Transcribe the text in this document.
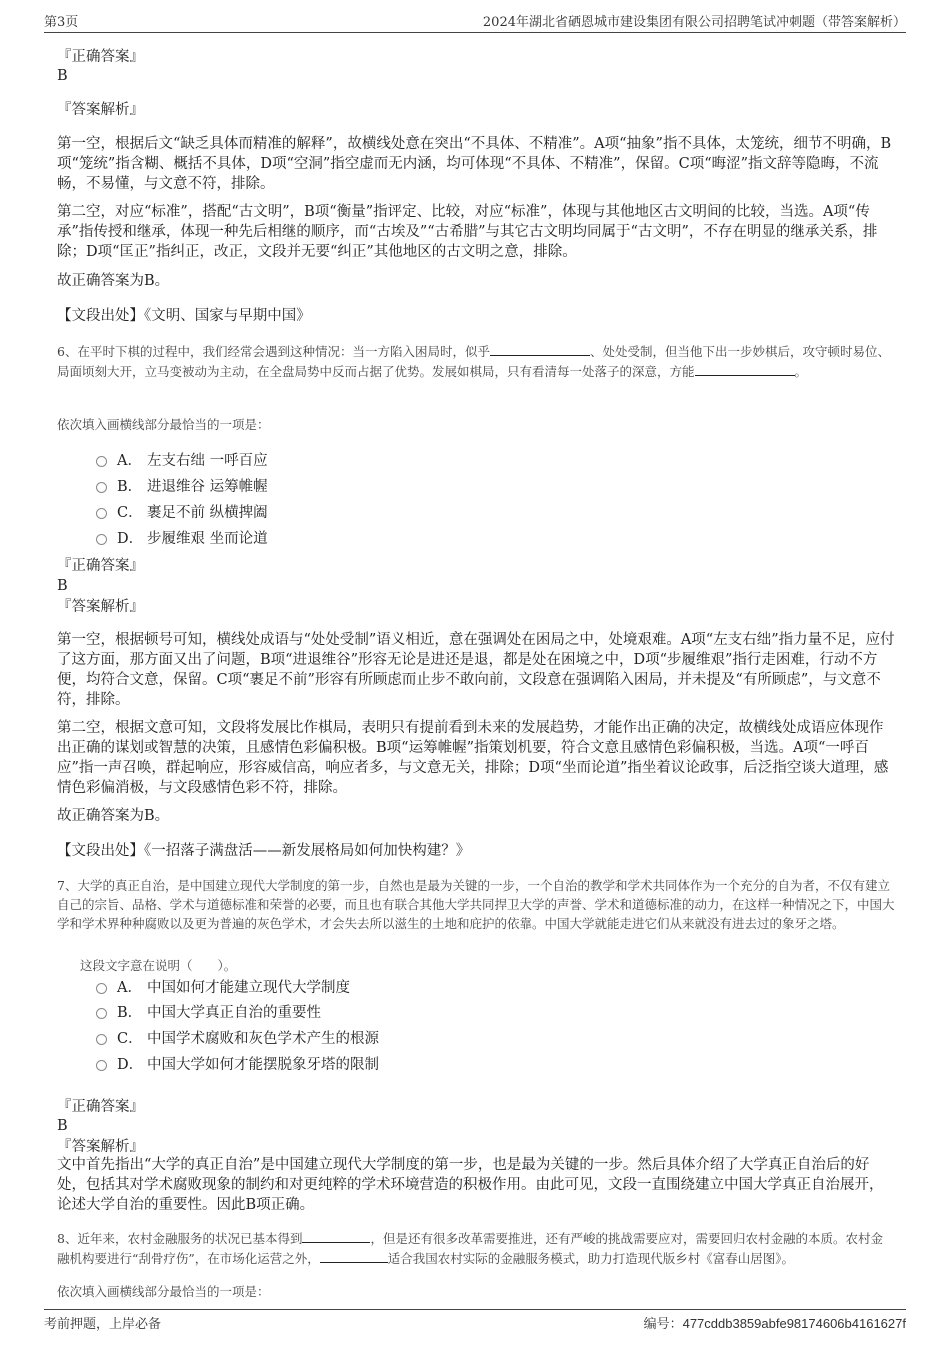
第3页	2024年湖北省硒恩城市建设集团有限公司招聘笔试冲刺题（带答案解析）
『正确答案』
B
『答案解析』
第一空，根据后文“缺乏具体而精准的解释”，故横线处意在突出“不具体、不精准”。A项“抽象”指不具体，太笼统，细节不明确，B项“笼统”指含糊、概括不具体，D项“空洞”指空虚而无内涵，均可体现“不具体、不精准”，保留。C项“晦涩”指文辞等隐晦，不流畅，不易懂，与文意不符，排除。
第二空，对应“标准”，搭配“古文明”，B项“衡量”指评定、比较，对应“标准”，体现与其他地区古文明间的比较，当选。A项“传承”指传授和继承，体现一种先后相继的顺序，而“古埃及”“古希腊”与其它古文明均同属于“古文明”，不存在明显的继承关系，排除；D项“匡正”指纠正，改正，文段并无要“纠正”其他地区的古文明之意，排除。
故正确答案为B。
【文段出处】《文明、国家与早期中国》
6、在平时下棋的过程中，我们经常会遇到这种情况：当一方陷入困局时，似乎	、处处受制，但当他下出一步妙棋后，攻守顿时易位、局面顷刻大开，立马变被动为主动，在全盘局势中反而占据了优势。发展如棋局，只有看清每一处落子的深意，方能	。
依次填入画横线部分最恰当的一项是：
A． 左支右绌 一呼百应
B． 进退维谷 运筹帷幄
C． 裹足不前 纵横捭阖
D． 步履维艰 坐而论道
『正确答案』
B
『答案解析』
第一空，根据顿号可知，横线处成语与“处处受制”语义相近，意在强调处在困局之中，处境艰难。A项“左支右绌”指力量不足，应付了这方面，那方面又出了问题，B项“进退维谷”形容无论是进还是退，都是处在困境之中，D项“步履维艰”指行走困难，行动不方便，均符合文意，保留。C项“裹足不前”形容有所顾虑而止步不敢向前，文段意在强调陷入困局，并未提及“有所顾虑”，与文意不符，排除。
第二空，根据文意可知，文段将发展比作棋局，表明只有提前看到未来的发展趋势，才能作出正确的决定，故横线处成语应体现作出正确的谋划或智慧的决策，且感情色彩偏积极。B项“运筹帷幄”指策划机要，符合文意且感情色彩偏积极，当选。A项“一呼百应”指一声召唤，群起响应，形容威信高，响应者多，与文意无关，排除；D项“坐而论道”指坐着议论政事，后泛指空谈大道理，感情色彩偏消极，与文段感情色彩不符，排除。
故正确答案为B。
【文段出处】《一招落子满盘活——新发展格局如何加快构建？》
7、大学的真正自治，是中国建立现代大学制度的第一步，自然也是最为关键的一步，一个自治的教学和学术共同体作为一个充分的自为者，不仅有建立自己的宗旨、品格、学术与道德标准和荣誉的必要，而且也有联合其他大学共同捍卫大学的声誉、学术和道德标准的动力，在这样一种情况之下，中国大学和学术界种种腐败以及更为普遍的灰色学术，才会失去所以滋生的土地和庇护的依靠。中国大学就能走进它们从来就没有进去过的象牙之塔。
这段文字意在说明（　　）。
A． 中国如何才能建立现代大学制度
B． 中国大学真正自治的重要性
C． 中国学术腐败和灰色学术产生的根源
D． 中国大学如何才能摆脱象牙塔的限制
『正确答案』
B
『答案解析』
文中首先指出“大学的真正自治”是中国建立现代大学制度的第一步，也是最为关键的一步。然后具体介绍了大学真正自治后的好处，包括其对学术腐败现象的制约和对更纯粹的学术环境营造的积极作用。由此可见，文段一直围绕建立中国大学真正自治展开，论述大学自治的重要性。因此B项正确。
8、近年来，农村金融服务的状况已基本得到	，但是还有很多改革需要推进，还有严峻的挑战需要应对，需要回归农村金融的本质。农村金融机构要进行“刮骨疗伤”，在市场化运营之外，	适合我国农村实际的金融服务模式，助力打造现代版乡村《富春山居图》。
依次填入画横线部分最恰当的一项是：
考前押题，上岸必备	编号：477cddb3859abfe98174606b4161627f
